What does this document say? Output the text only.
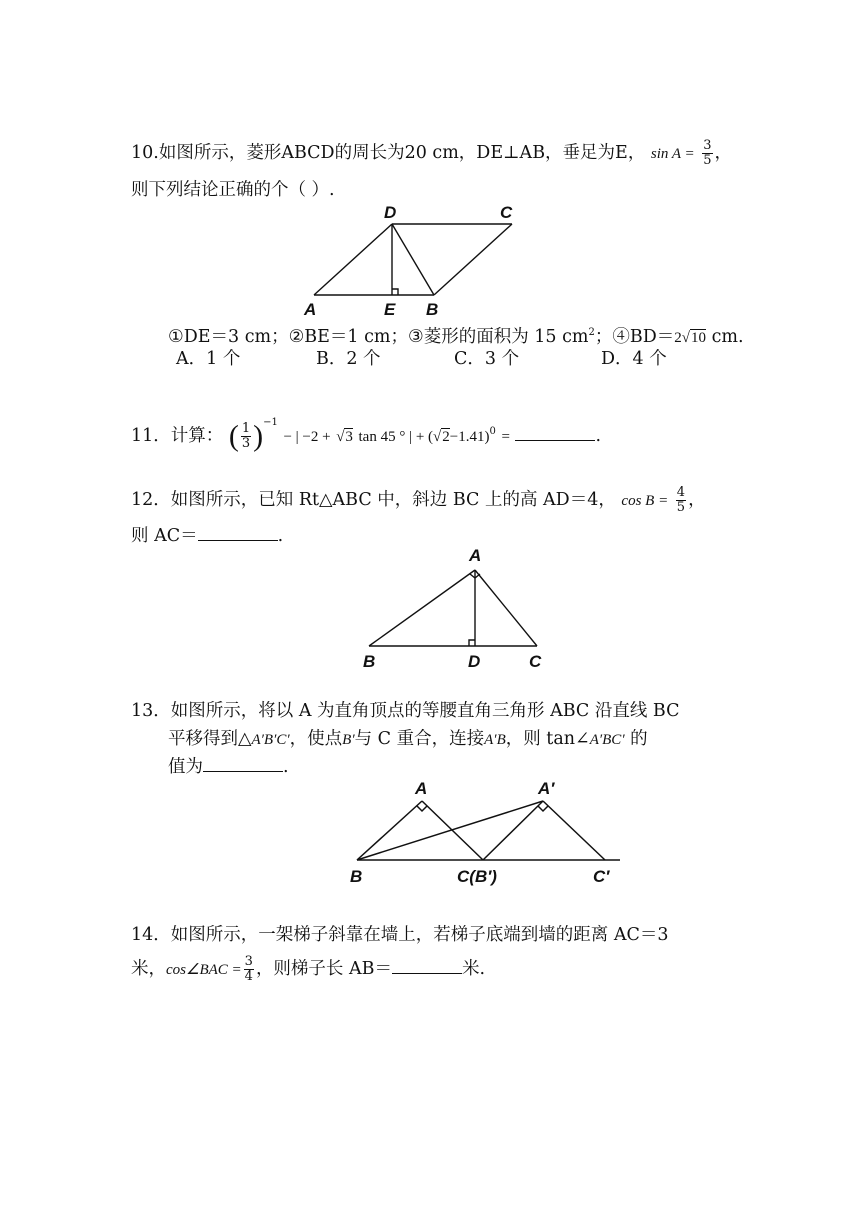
10.如图所示，菱形ABCD的周长为20 cm，DE⊥AB，垂足为E， $\sin A = \frac{3}{5}$ ，
则下列结论正确的个（ ）.
D	C
A	E B
①DE＝3 cm；②BE＝1 cm；③菱形的面积为 15 $cm^2$；④BD＝2√10 cm.
A．1 个	B．2 个	C．3 个	D．4 个
11．计算： ( $\frac{1}{3} )^{-1}$ − | −2 + √3 tan 45 ° | + $(√2-1.41)^0$ =	.
12．如图所示，已知 Rt△ABC 中，斜边 BC 上的高 AD＝4， $\cos B = \frac{4}{5}$ ，
则 AC＝	.
A
B	D	C
13．如图所示，将以 A 为直角顶点的等腰直角三角形 ABC 沿直线 BC
平移得到△A′B′C′，使点B′与 C 重合，连接A′B，则 tan∠A′BC′ 的
值为	.
A	A′
B	C(B′)	C′
14．如图所示，一架梯子斜靠在墙上，若梯子底端到墙的距离 AC＝3
米，cos∠BAC = $\frac{3}{4}$ ，则梯子长 AB＝	米.
